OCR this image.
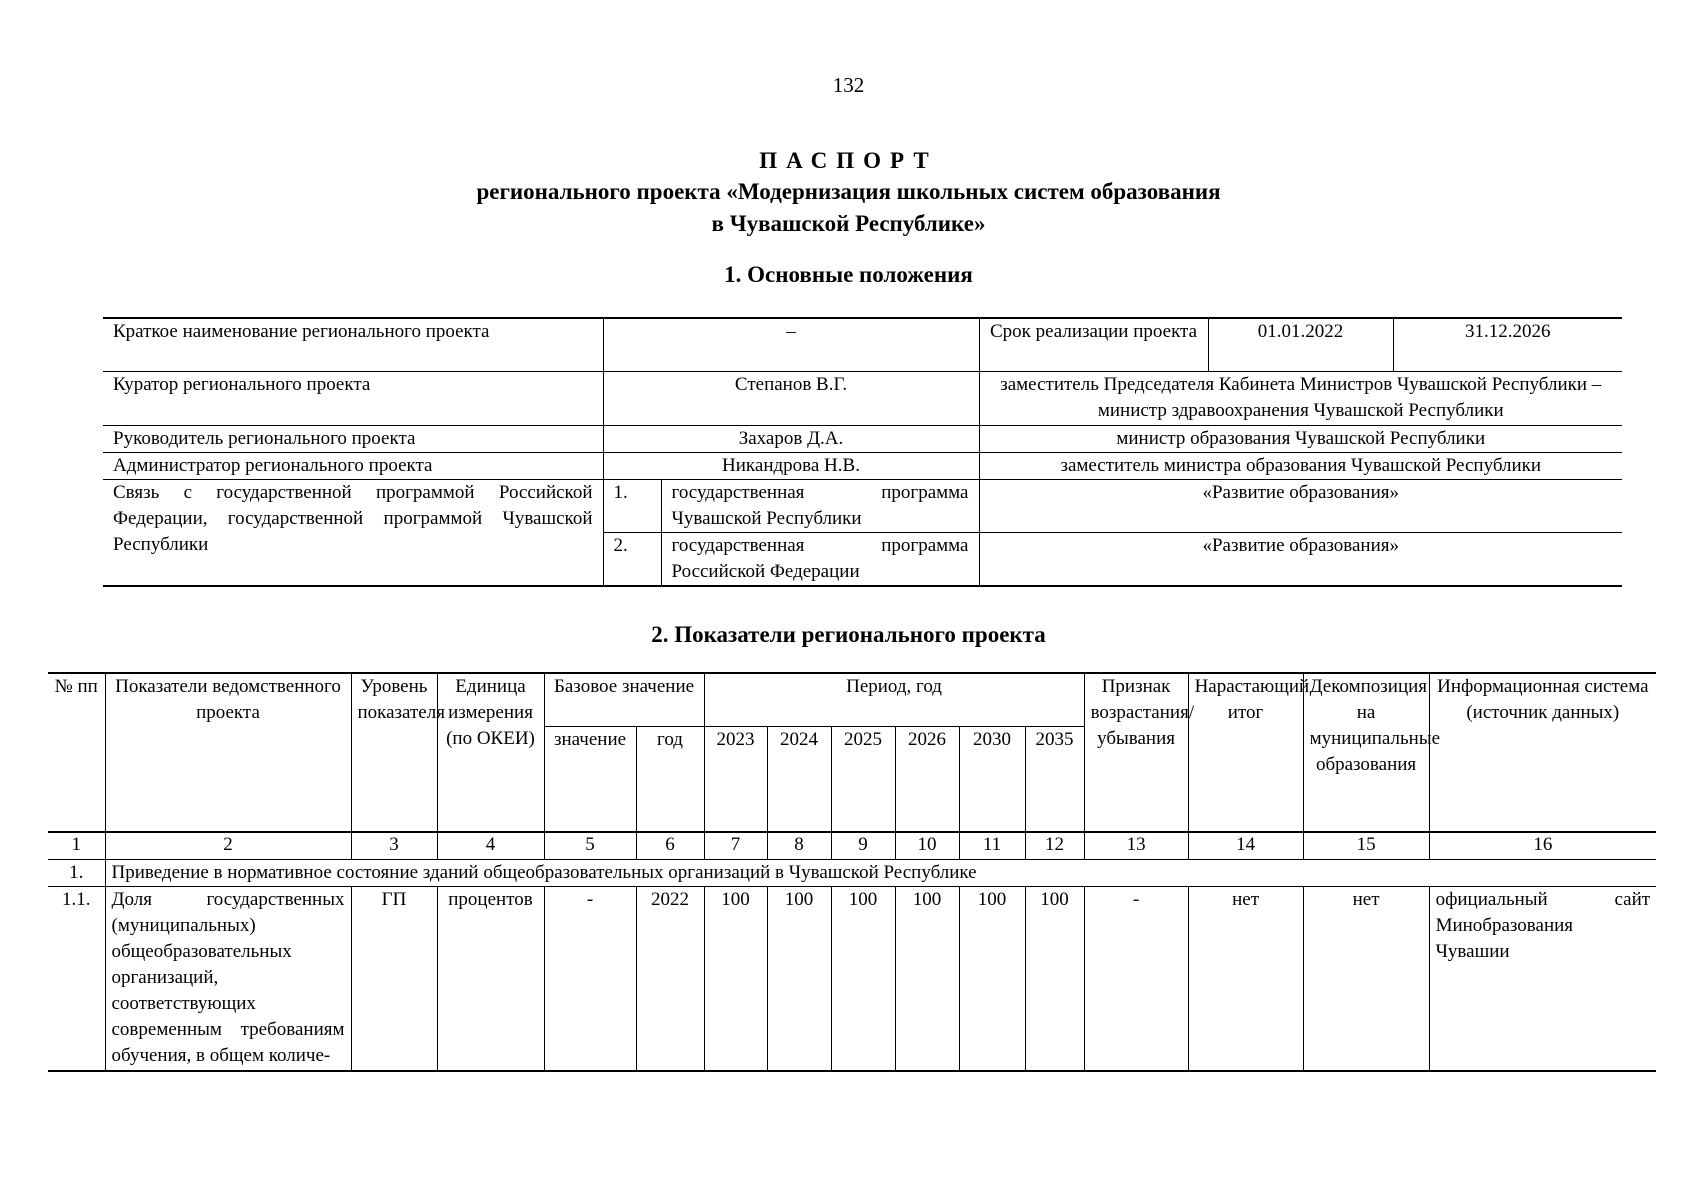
132
ПАСПОРТ
регионального проекта «Модернизация школьных систем образования
в Чувашской Республике»
1. Основные положения
Краткое наименование регионального проекта	–		Срок реализации проекта	01.01.2022	31.12.2026
Куратор регионального проекта	Степанов В.Г.		заместитель Председателя Кабинета Министров Чувашской Республики – министр здравоохранения Чувашской Республики		
Руководитель регионального проекта	Захаров Д.А.		министр образования Чувашской Республики		
Администратор регионального проекта	Никандрова Н.В.		заместитель министра образования Чувашской Республики		
Связь с государственной программой Российской Федерации, государственной программой Чувашской Республики	1.	государственная программа Чувашской Республики	«Развитие образования»		
	2.	государственная программа Российской Федерации	«Развитие образования»		
2. Показатели регионального проекта
№ пп	Показатели ведомственного проекта	Уровень показателя	Единица измерения (по ОКЕИ)	Базовое значение		Период, год						Признак возрастания/ убывания	Нарастающий итог	Декомпозиция на муниципальные образования	Информационная система (источник данных)
				значение	год	2023	2024	2025	2026	2030	2035				
1	2	3	4	5	6	7	8	9	10	11	12	13	14	15	16
1.	Приведение в нормативное состояние зданий общеобразовательных организаций в Чувашской Республике														
1.1.	Доля государственных (муниципальных) общеобразовательных организаций, соответствующих современным требованиям обучения, в общем количе-	ГП	процентов	-	2022	100	100	100	100	100	100	-	нет	нет	официальный сайт Минобразования Чувашии
